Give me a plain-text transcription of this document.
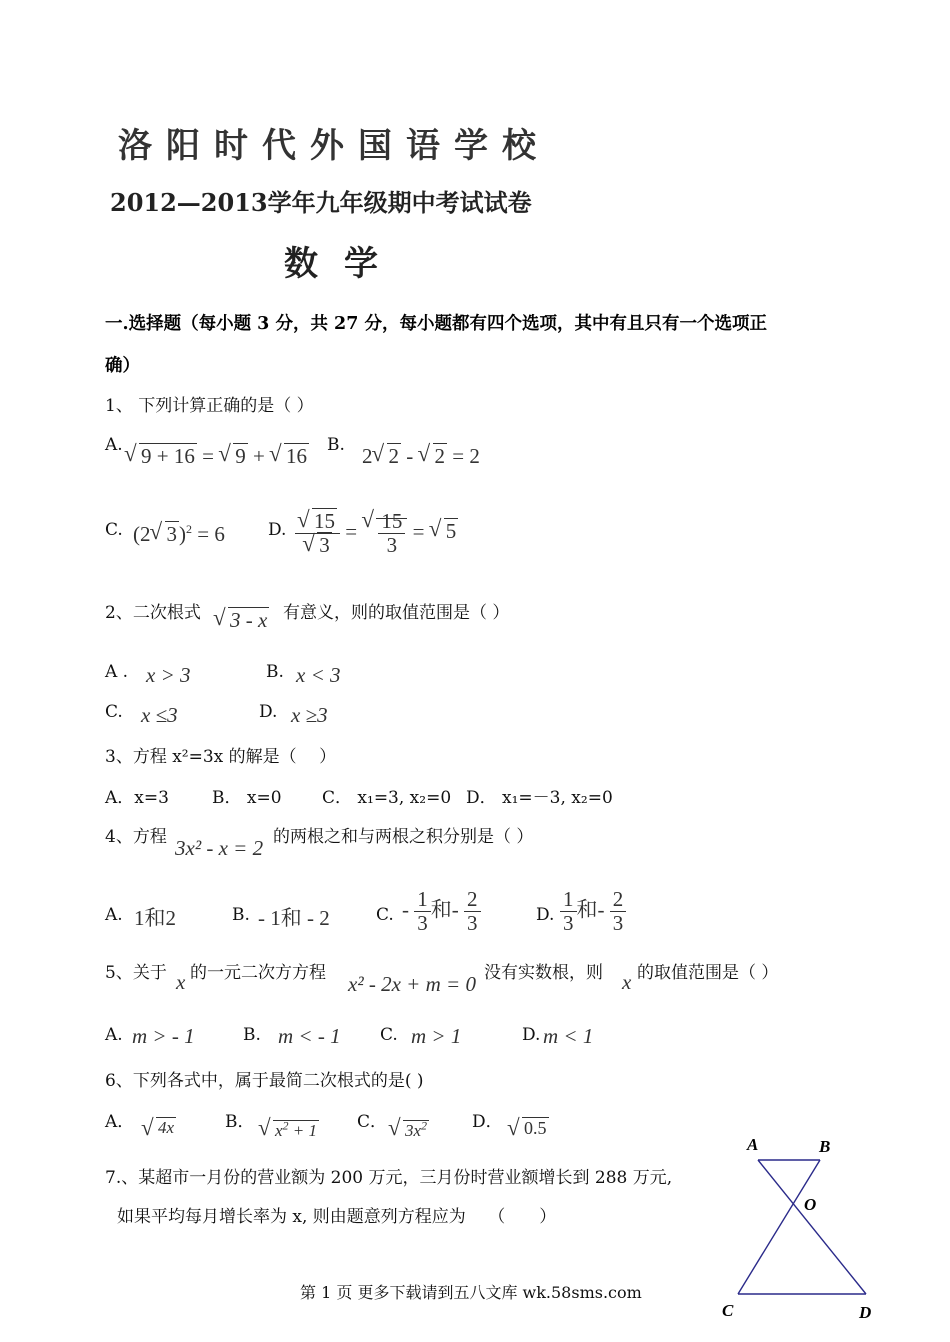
洛阳时代外国语学校
2012—2013学年九年级期中考试试卷
数学
一.选择题（每小题 3 分，共 27 分，每小题都有四个选项，其中有且只有一个选项正
确）
1、 下列计算正确的是（ ）
A. √ 9 + 16 = √ 9 + √ 16 B. 2 √ 2 - √ 2 = 2
C. (2 √ 3)$^2$ = 6	D. √ 15
√ 3 = √ $\frac{15}{3}$ = √ 5
2、二次根式	√ 3 - x 有意义，则的取值范围是（ ）
A . x > 3	B. x < 3
C. x ≤3	D. x ≥3
3、方程 x²=3x 的解是（　 ）
A．x=3	B． x=0 C． x₁=3, x₂=0 D． x₁=－3, x₂=0
4、方程 3x² - x = 2 的两根之和与两根之积分别是（ ）
A. 1和2	B. - 1和 - 2	C. - $\frac{1}{3}$ 和- $\frac{2}{3}$	D. $\frac{1}{3}$ 和- $\frac{2}{3}$
5、关于 x 的一元二次方方程 x² - 2x + m = 0 没有实数根，则 x 的取值范围是（ ）
A. m > - 1	B. m < - 1 C. m > 1	D. m < 1
6、下列各式中，属于最简二次根式的是( )
A．	√ 4x	B．	√ $x^2 + 1$ C．	√ $3x^2$	D．	√ 0.5
7.、某超市一月份的营业额为 200 万元，三月份时营业额增长到 288 万元,
如果平均每月增长率为 x, 则由题意列方程应为　 （　　）
A	B
O
C	D
第 1 页 更多下载请到五八文库 wk.58sms.com
